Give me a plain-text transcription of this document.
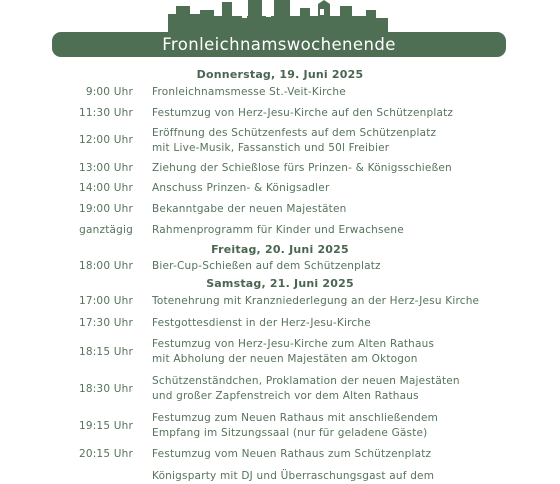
Fronleichnamswochenende
Donnerstag, 19. Juni 2025
9:00 Uhr Fronleichnamsmesse St.-Veit-Kirche
11:30 Uhr Festumzug von Herz-Jesu-Kirche auf den Schützenplatz
12:00 Uhr
Eröffnung des Schützenfests auf dem Schützenplatz
mit Live-Musik, Fassanstich und 50l Freibier
13:00 Uhr Ziehung der Schießlose fürs Prinzen- & Königsschießen
14:00 Uhr Anschuss Prinzen- & Königsadler
19:00 Uhr Bekanntgabe der neuen Majestäten
ganztägig Rahmenprogramm für Kinder und Erwachsene
Freitag, 20. Juni 2025
18:00 Uhr Bier-Cup-Schießen auf dem Schützenplatz
Samstag, 21. Juni 2025
17:00 Uhr Totenehrung mit Kranzniederlegung an der Herz-Jesu Kirche
17:30 Uhr Festgottesdienst in der Herz-Jesu-Kirche
18:15 Uhr
Festumzug von Herz-Jesu-Kirche zum Alten Rathaus
mit Abholung der neuen Majestäten am Oktogon
18:30 Uhr
Schützenständchen, Proklamation der neuen Majestäten
und großer Zapfenstreich vor dem Alten Rathaus
19:15 Uhr
Festumzug zum Neuen Rathaus mit anschließendem
Empfang im Sitzungssaal (nur für geladene Gäste)
20:15 Uhr Festumzug vom Neuen Rathaus zum Schützenplatz
Königsparty mit DJ und Überraschungsgast auf dem
